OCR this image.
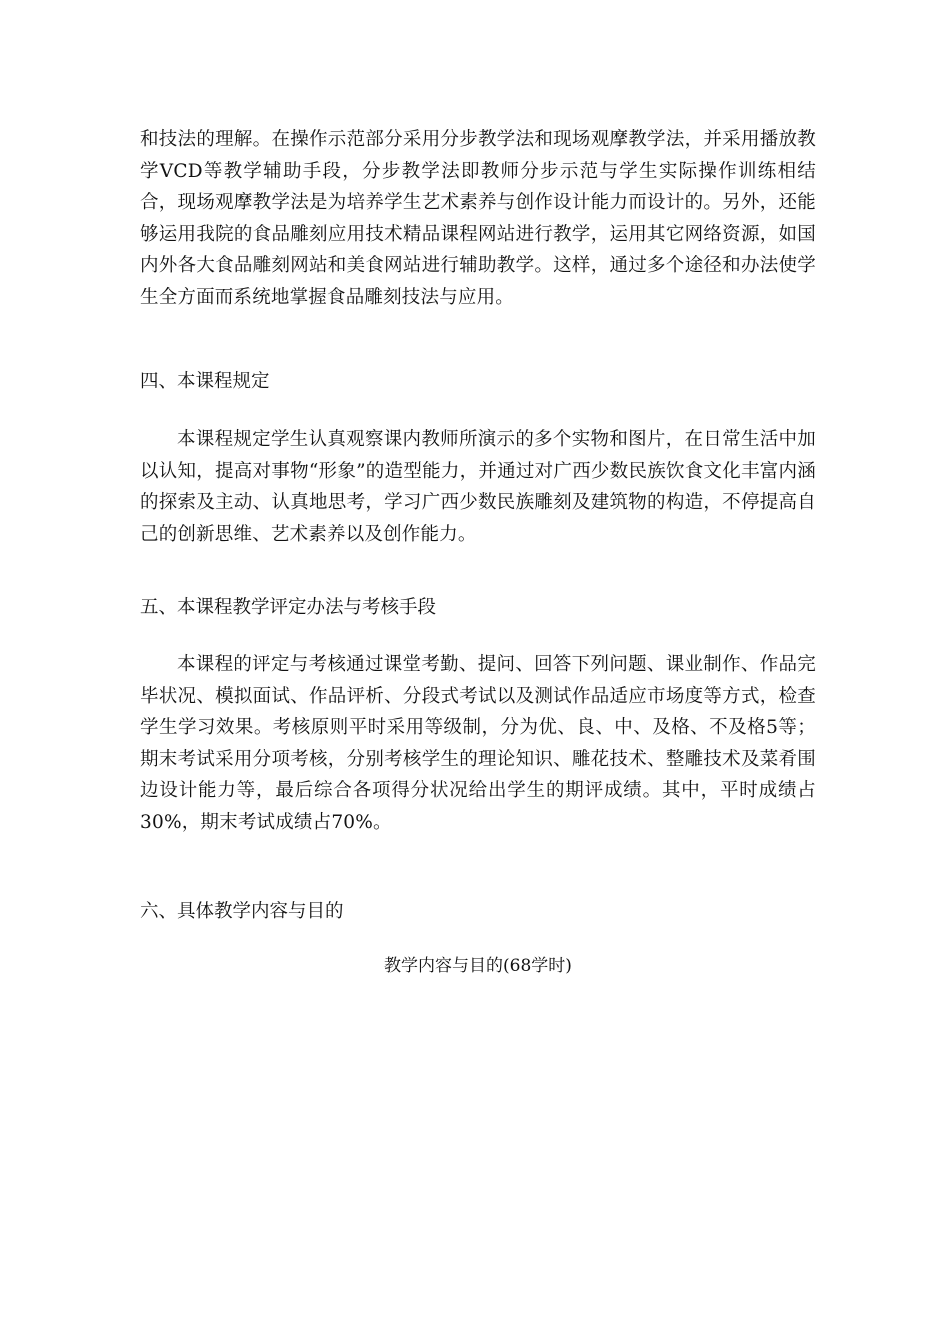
和技法的理解。在操作示范部分采用分步教学法和现场观摩教学法，并采用播放教学VCD等教学辅助手段，分步教学法即教师分步示范与学生实际操作训练相结合，现场观摩教学法是为培养学生艺术素养与创作设计能力而设计的。另外，还能够运用我院的食品雕刻应用技术精品课程网站进行教学，运用其它网络资源，如国内外各大食品雕刻网站和美食网站进行辅助教学。这样，通过多个途径和办法使学生全方面而系统地掌握食品雕刻技法与应用。

四、本课程规定

本课程规定学生认真观察课内教师所演示的多个实物和图片，在日常生活中加以认知，提高对事物“形象”的造型能力，并通过对广西少数民族饮食文化丰富内涵的探索及主动、认真地思考，学习广西少数民族雕刻及建筑物的构造，不停提高自己的创新思维、艺术素养以及创作能力。

五、本课程教学评定办法与考核手段

本课程的评定与考核通过课堂考勤、提问、回答下列问题、课业制作、作品完毕状况、模拟面试、作品评析、分段式考试以及测试作品适应市场度等方式，检查学生学习效果。考核原则平时采用等级制，分为优、良、中、及格、不及格5等；期末考试采用分项考核，分别考核学生的理论知识、雕花技术、整雕技术及菜肴围边设计能力等，最后综合各项得分状况给出学生的期评成绩。其中，平时成绩占30%，期末考试成绩占70%。

六、具体教学内容与目的

教学内容与目的(68学时)
